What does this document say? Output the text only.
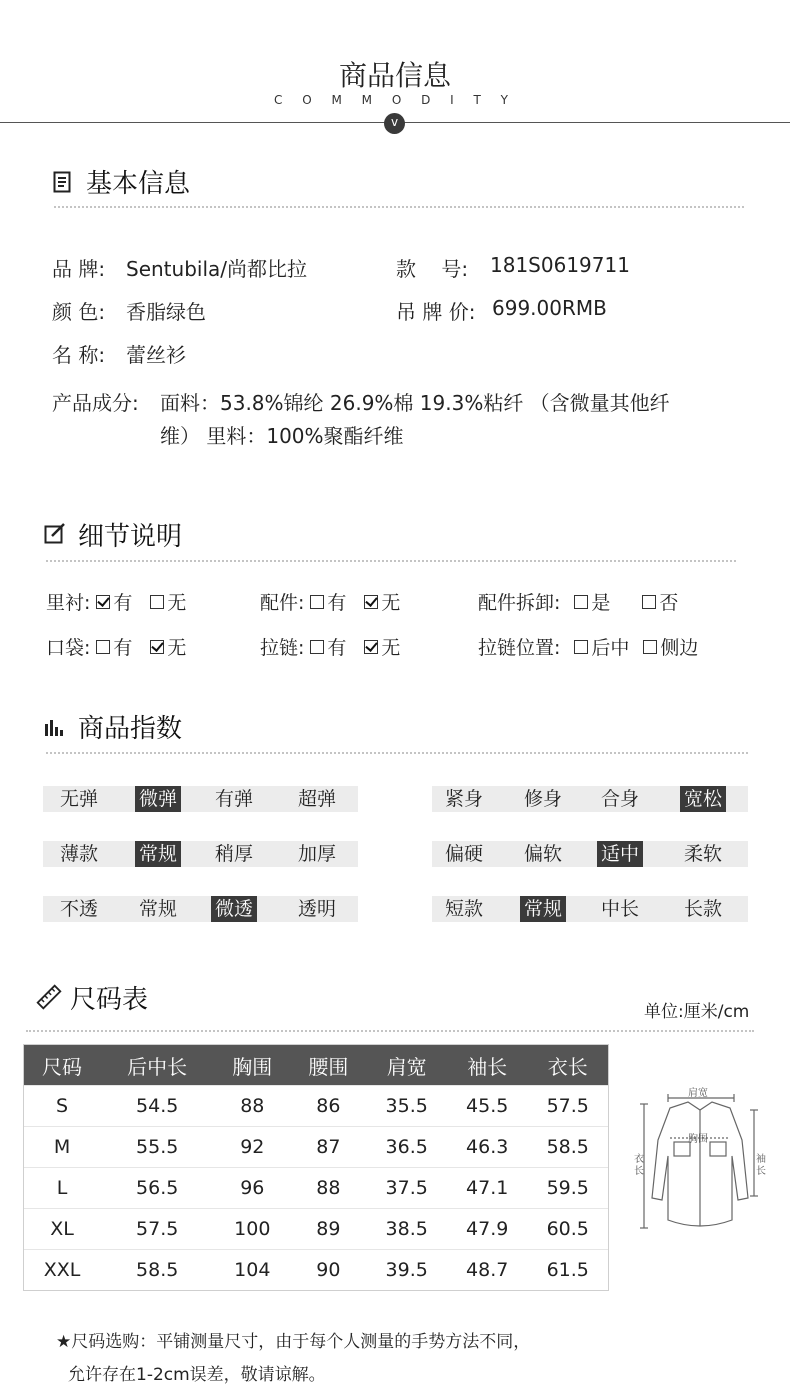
商品信息
C O M M O D I T Y
v
基本信息
品 牌: Sentubila/尚都比拉	款    号: 181S0619711
颜 色: 香脂绿色	吊 牌 价: 699.00RMB
名 称: 蕾丝衫
产品成分: 面料：53.8%锦纶 26.9%棉 19.3%粘纤 （含微量其他纤
维） 里料：100%聚酯纤维
细节说明
里衬: 有 无	配件: 有 无	配件拆卸: 是	否
口袋: 有 无	拉链: 有 无	拉链位置: 后中 侧边
商品指数
无弹 微弹 有弹 超弹	紧身 修身 合身 宽松
薄款 常规 稍厚 加厚	偏硬 偏软 适中 柔软
不透 常规 微透 透明	短款 常规 中长 长款
尺码表	单位:厘米/cm
尺码	后中长	胸围	腰围	肩宽	袖长	衣长
S	54.5	88	86	35.5	45.5	57.5
M	55.5	92	87	36.5	46.3	58.5
L	56.5	96	88	37.5	47.1	59.5
XL	57.5	100	89	38.5	47.9	60.5
XXL	58.5	104	90	39.5	48.7	61.5
肩宽
胸围
衣长
袖长
★尺码选购：平铺测量尺寸，由于每个人测量的手势方法不同，
允许存在1-2cm误差，敬请谅解。
